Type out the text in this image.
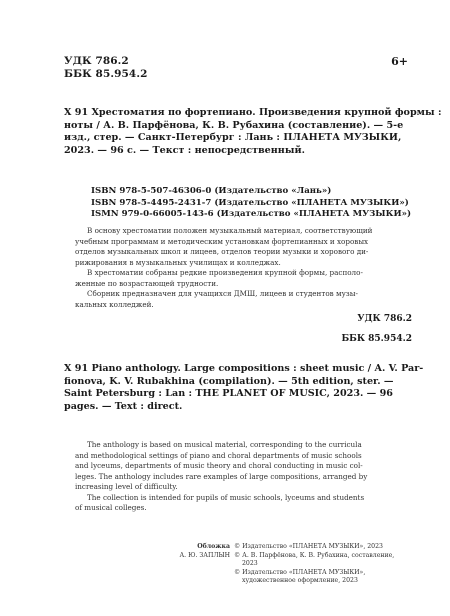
УДК 786.2
ББК 85.954.2
6+
Х 91 Хрестоматия по фортепиано. Произведения крупной формы :
ноты / А. В. Парфёнова, К. В. Рубахина (составление). — 5-е
изд., стер. — Санкт-Петербург : Лань : ПЛАНЕТА МУЗЫКИ,
2023. — 96 с. — Текст : непосредственный.
ISBN 978-5-507-46306-0 (Издательство «Лань»)
ISBN 978-5-4495-2431-7 (Издательство «ПЛАНЕТА МУЗЫКИ»)
ISMN 979-0-66005-143-6 (Издательство «ПЛАНЕТА МУЗЫКИ»)

В основу хрестоматии положен музыкальный материал, соответствующий
учебным программам и методическим установкам фортепианных и хоровых
отделов музыкальных школ и лицеев, отделов теории музыки и хорового ди-
рижирования в музыкальных училищах и колледжах.

В хрестоматии собраны редкие произведения крупной формы, располо-
женные по возрастающей трудности.

Сборник предназначен для учащихся ДМШ, лицеев и студентов музы-
кальных колледжей.

УДК 786.2
ББК 85.954.2
X 91 Piano anthology. Large compositions : sheet music / A. V. Par-
fionova, K. V. Rubakhina (compilation). — 5th edition, ster. —
Saint Petersburg : Lan : THE PLANET OF MUSIC, 2023. — 96
pages. — Text : direct.

The anthology is based on musical material, corresponding to the curricula
and methodological settings of piano and choral departments of music schools
and lyceums, departments of music theory and choral conducting in music col-
leges. The anthology includes rare examples of large compositions, arranged by
increasing level of difficulty.

The collection is intended for pupils of music schools, lyceums and students
of musical colleges.

Обложка
А. Ю. ЗАПЛЫН
© Издательство «ПЛАНЕТА МУЗЫКИ», 2023
© А. В. Парфёнова, К. В. Рубахина, составление,
2023
© Издательство «ПЛАНЕТА МУЗЫКИ»,
художественное оформление, 2023
